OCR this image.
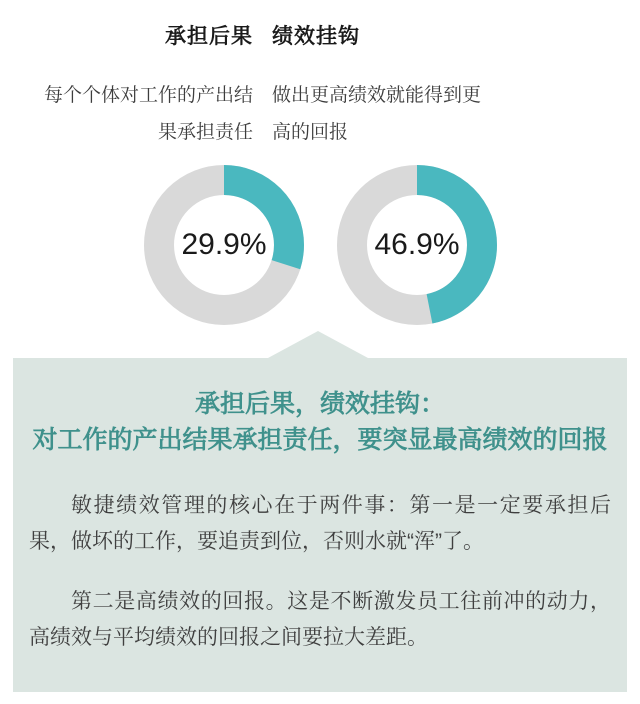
承担后果
每个个体对工作的产出结果承担责任
绩效挂钩
做出更高绩效就能得到更高的回报
29.9%	46.9%
承担后果，绩效挂钩：
对工作的产出结果承担责任，要突显最高绩效的回报

敏捷绩效管理的核心在于两件事：第一是一定要承担后果，做坏的工作，要追责到位，否则水就“浑”了。

第二是高绩效的回报。这是不断激发员工往前冲的动力，高绩效与平均绩效的回报之间要拉大差距。
